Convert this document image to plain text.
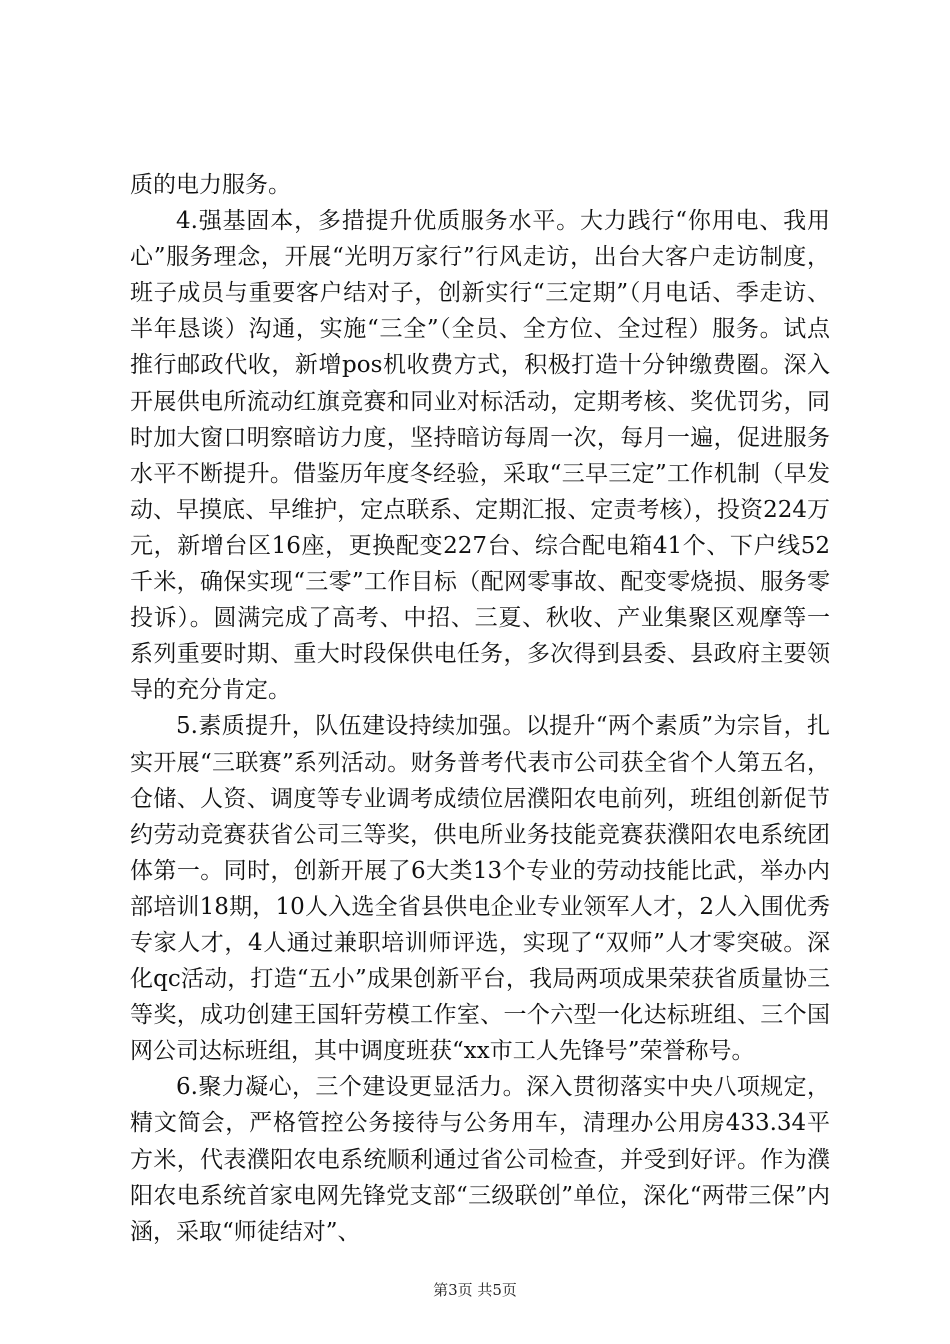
质的电力服务。

4.强基固本，多措提升优质服务水平。大力践行“你用电、我用心”服务理念，开展“光明万家行”行风走访，出台大客户走访制度，班子成员与重要客户结对子，创新实行“三定期”（月电话、季走访、半年恳谈）沟通，实施“三全”（全员、全方位、全过程）服务。试点推行邮政代收，新增pos机收费方式，积极打造十分钟缴费圈。深入开展供电所流动红旗竞赛和同业对标活动，定期考核、奖优罚劣，同时加大窗口明察暗访力度，坚持暗访每周一次，每月一遍，促进服务水平不断提升。借鉴历年度冬经验，采取“三早三定”工作机制（早发动、早摸底、早维护，定点联系、定期汇报、定责考核），投资224万元，新增台区16座，更换配变227台、综合配电箱41个、下户线52千米，确保实现“三零”工作目标（配网零事故、配变零烧损、服务零投诉）。圆满完成了高考、中招、三夏、秋收、产业集聚区观摩等一系列重要时期、重大时段保供电任务，多次得到县委、县政府主要领导的充分肯定。

5.素质提升，队伍建设持续加强。以提升“两个素质”为宗旨，扎实开展“三联赛”系列活动。财务普考代表市公司获全省个人第五名，仓储、人资、调度等专业调考成绩位居濮阳农电前列，班组创新促节约劳动竞赛获省公司三等奖，供电所业务技能竞赛获濮阳农电系统团体第一。同时，创新开展了6大类13个专业的劳动技能比武，举办内部培训18期，10人入选全省县供电企业专业领军人才，2人入围优秀专家人才，4人通过兼职培训师评选，实现了“双师”人才零突破。深化qc活动，打造“五小”成果创新平台，我局两项成果荣获省质量协三等奖，成功创建王国轩劳模工作室、一个六型一化达标班组、三个国网公司达标班组，其中调度班获“xx市工人先锋号”荣誉称号。

6.聚力凝心，三个建设更显活力。深入贯彻落实中央八项规定，精文简会，严格管控公务接待与公务用车，清理办公用房433.34平方米，代表濮阳农电系统顺利通过省公司检查，并受到好评。作为濮阳农电系统首家电网先锋党支部“三级联创”单位，深化“两带三保”内涵，采取“师徒结对”、

第3页 共5页
